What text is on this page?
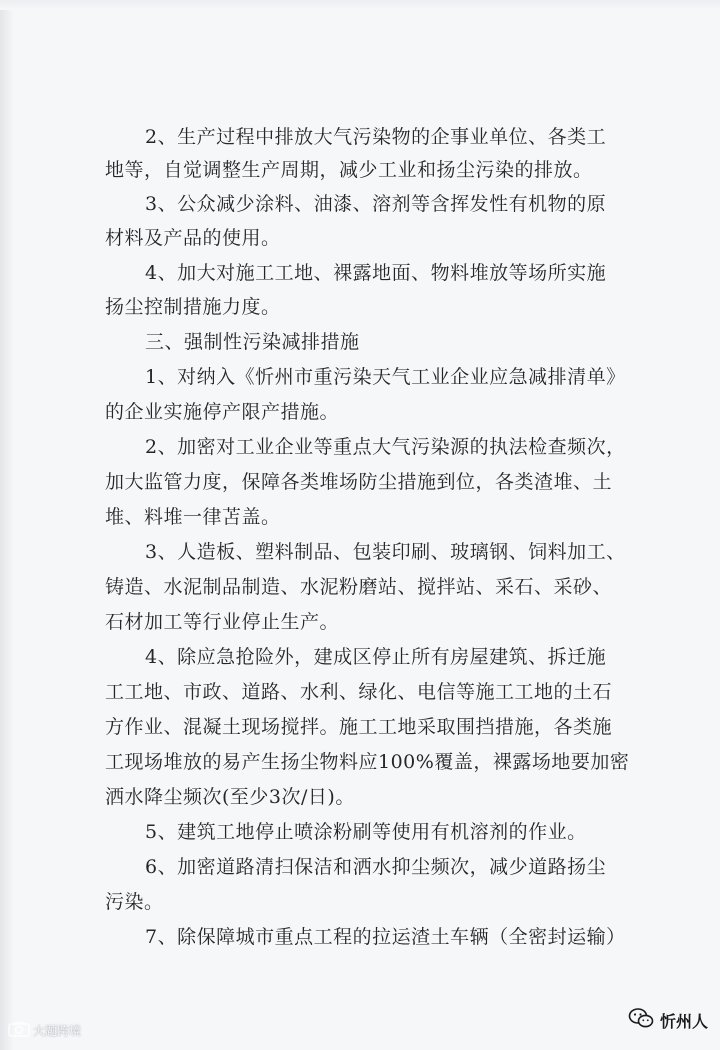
2、生产过程中排放大气污染物的企事业单位、各类工
地等，自觉调整生产周期，减少工业和扬尘污染的排放。
3、公众减少涂料、油漆、溶剂等含挥发性有机物的原
材料及产品的使用。
4、加大对施工工地、裸露地面、物料堆放等场所实施
扬尘控制措施力度。
三、强制性污染减排措施
1、对纳入《忻州市重污染天气工业企业应急减排清单》
的企业实施停产限产措施。
2、加密对工业企业等重点大气污染源的执法检查频次，
加大监管力度，保障各类堆场防尘措施到位，各类渣堆、土
堆、料堆一律苫盖。
3、人造板、塑料制品、包装印刷、玻璃钢、饲料加工、
铸造、水泥制品制造、水泥粉磨站、搅拌站、采石、采砂、
石材加工等行业停止生产。
4、除应急抢险外，建成区停止所有房屋建筑、拆迁施
工工地、市政、道路、水利、绿化、电信等施工工地的土石
方作业、混凝土现场搅拌。施工工地采取围挡措施，各类施
工现场堆放的易产生扬尘物料应100%覆盖，裸露场地要加密
洒水降尘频次(至少3次/日)。
5、建筑工地停止喷涂粉刷等使用有机溶剂的作业。
6、加密道路清扫保洁和洒水抑尘频次，减少道路扬尘
污染。
7、除保障城市重点工程的拉运渣土车辆（全密封运输）
大题跨境	忻州人
